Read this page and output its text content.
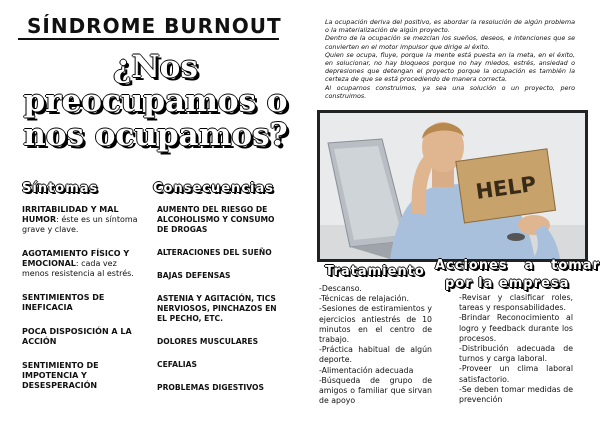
SÍNDROME BURNOUT
¿Nos preocupamos o nos ocupamos?
Síntomas
IRRITABILIDAD Y MAL HUMOR: éste es un síntoma grave y clave.
AGOTAMIENTO FÍSICO Y EMOCIONAL: cada vez menos resistencia al estrés.
SENTIMIENTOS DE INEFICACIA
POCA DISPOSICIÓN A LA ACCIÓN
SENTIMIENTO DE IMPOTENCIA Y DESESPERACIÓN
Consecuencias
AUMENTO DEL RIESGO DE ALCOHOLISMO Y CONSUMO DE DROGAS
ALTERACIONES DEL SUEÑO
BAJAS DEFENSAS
ASTENIA Y AGITACIÓN, TICS NERVIOSOS, PINCHAZOS EN EL PECHO, ETC.
DOLORES MUSCULARES
CEFALIAS
PROBLEMAS DIGESTIVOS
La ocupación deriva del positivo, es abordar la resolución de algún problema o la materialización de algún proyecto.
Dentro de la ocupación se mezclan los sueños, deseos, e intenciones que se convierten en el motor impulsor que dirige al éxito.
Quien se ocupa, fluye, porque la mente está puesta en la meta, en el éxito, en solucionar, no hay bloqueos porque no hay miedos, estrés, ansiedad o depresiones que detengan el proyecto porque la ocupación es también la certeza de que se está procediendo de manera correcta.
Al ocuparnos construimos, ya sea una solución o un proyecto, pero construimos.
HELP
Tratamiento
-Descanso.
-Técnicas de relajación.
-Sesiones de estiramientos y ejercicios antiestrés de 10 minutos en el centro de trabajo.
-Práctica habitual de algún deporte.
-Alimentación adecuada
-Búsqueda de grupo de amigos o familiar que sirvan de apoyo
Acciones a tomar
por la empresa
-Revisar y clasificar roles, tareas y responsabilidades.
-Brindar Reconocimiento al logro y feedback durante los procesos.
-Distribución adecuada de turnos y carga laboral.
-Proveer un clima laboral satisfactorio.
-Se deben tomar medidas de prevención
